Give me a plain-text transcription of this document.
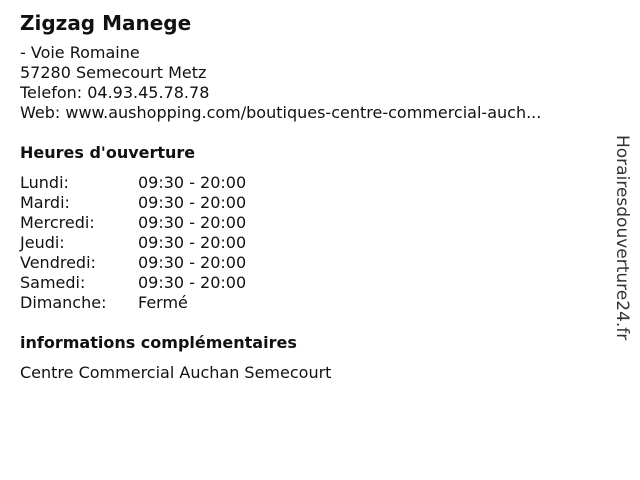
Zigzag Manege
- Voie Romaine
57280 Semecourt Metz
Telefon: 04.93.45.78.78
Web: www.aushopping.com/boutiques-centre-commercial-auch...
Heures d'ouverture
Lundi:	09:30 - 20:00
Mardi:	09:30 - 20:00
Mercredi:	09:30 - 20:00
Jeudi:	09:30 - 20:00
Vendredi:	09:30 - 20:00
Samedi:	09:30 - 20:00
Dimanche:	Fermé
informations complémentaires
Centre Commercial Auchan Semecourt
Horairesdouverture24.fr
